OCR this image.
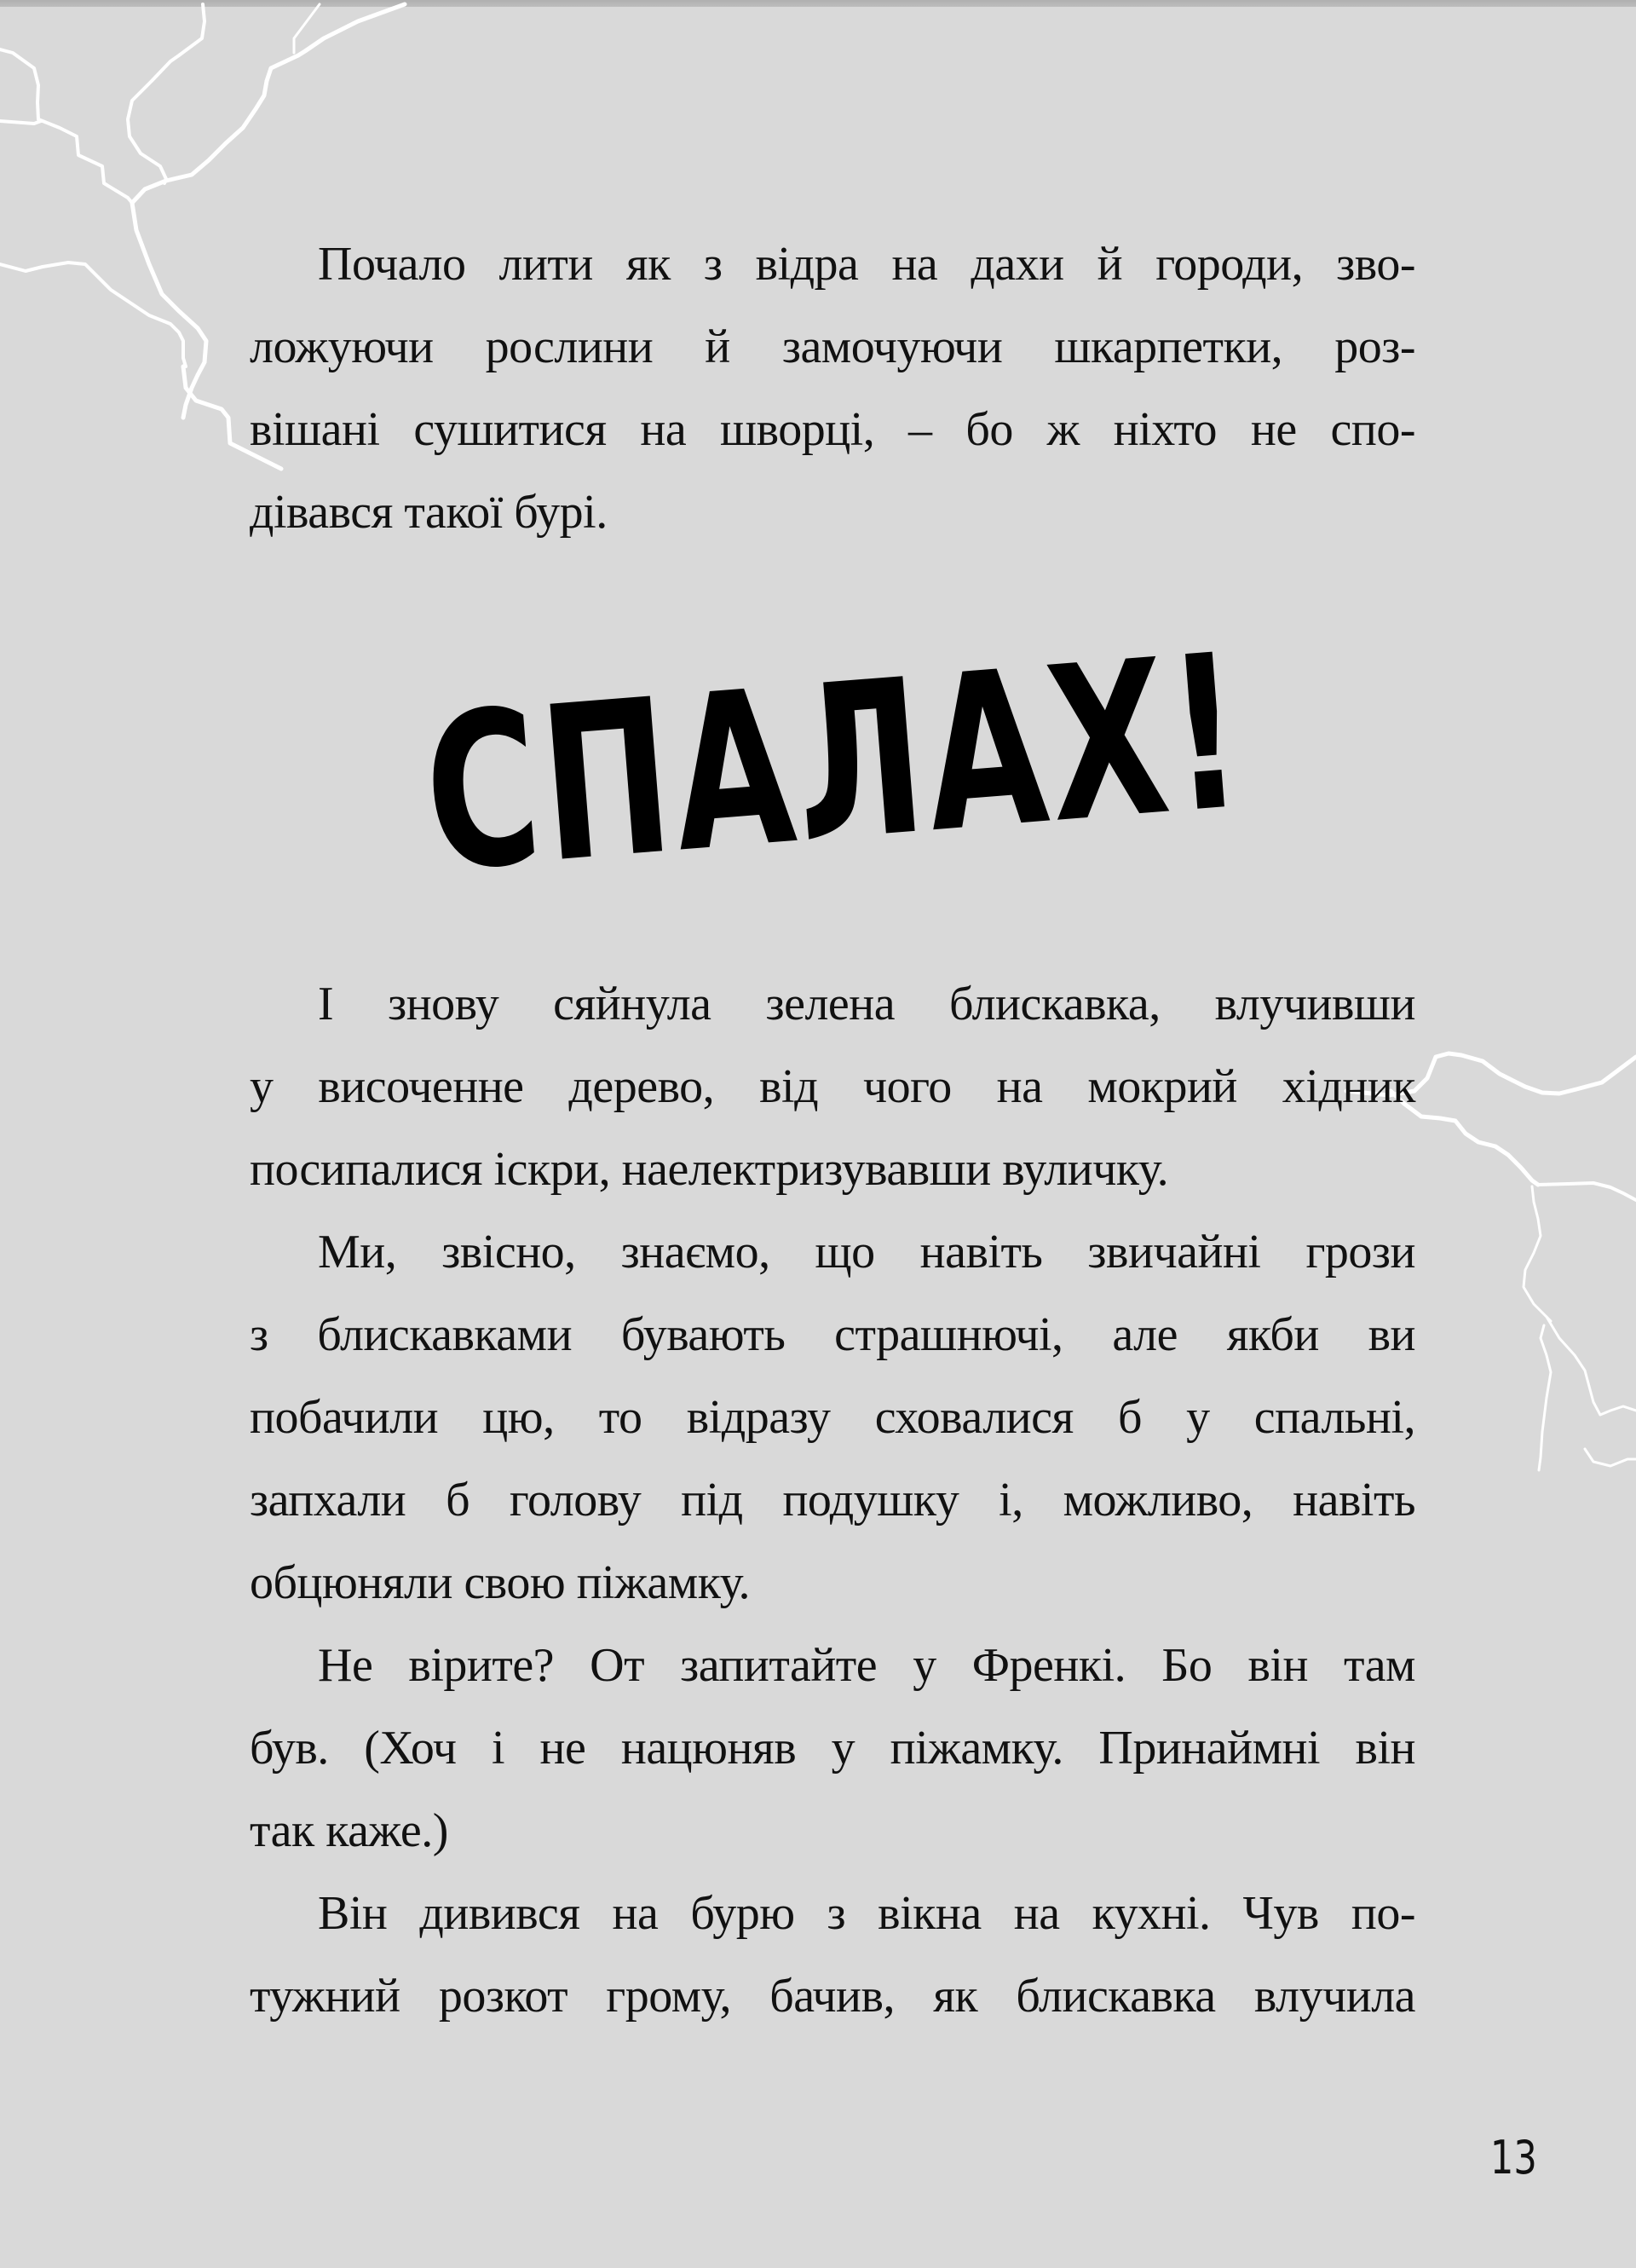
Почало лити як з відра на дахи й городи, зво-
ложуючи рослини й замочуючи шкарпетки, роз-
вішані сушитися на шворці, – бо ж ніхто не спо-
дівався такої бурі.
СПАЛАХ!

І знову сяйнула зелена блискавка, влучивши
у височенне дерево, від чого на мокрий хідник
посипалися іскри, наелектризувавши вуличку.

Ми, звісно, знаємо, що навіть звичайні грози
з блискавками бувають страшнючі, але якби ви
побачили цю, то відразу сховалися б у спальні,
запхали б голову під подушку і, можливо, навіть
обцюняли свою піжамку.

Не вірите? От запитайте у Френкі. Бо він там
був. (Хоч і не нацюняв у піжамку. Принаймні він
так каже.)

Він дивився на бурю з вікна на кухні. Чув по-
тужний розкот грому, бачив, як блискавка влучила

13
